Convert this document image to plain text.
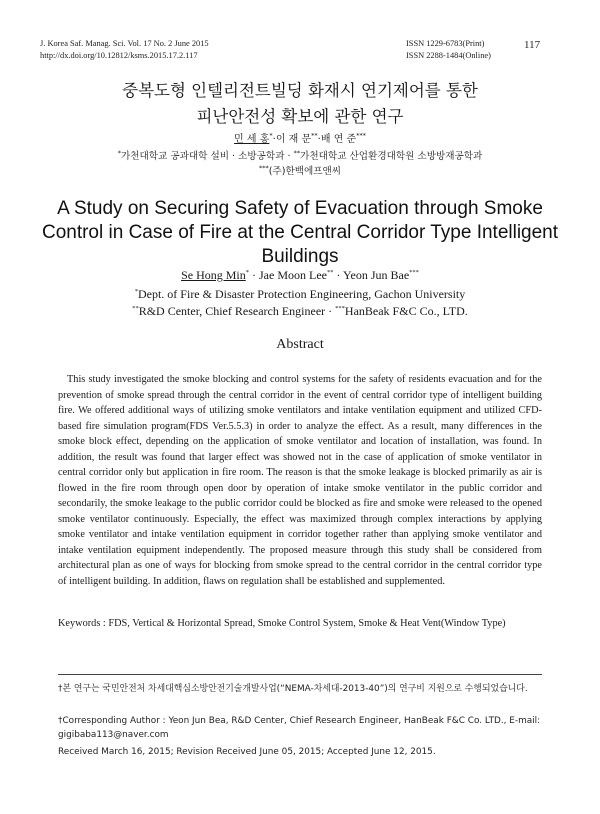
J. Korea Saf. Manag. Sci. Vol. 17 No. 2 June 2015
http://dx.doi.org/10.12812/ksms.2015.17.2.117
ISSN 1229-6783(Print)
ISSN 2288-1484(Online)
117
중복도형 인텔리전트빌딩 화재시 연기제어를 통한
피난안전성 확보에 관한 연구
민 세 홍*·이 재 문**·배 연 준***
*가천대학교 공과대학 설비 · 소방공학과 · **가천대학교 산업환경대학원 소방방재공학과
***(주)한백에프앤씨
A Study on Securing Safety of Evacuation through Smoke
Control in Case of Fire at the Central Corridor Type Intelligent
Buildings
Se Hong Min* · Jae Moon Lee** · Yeon Jun Bae***
*Dept. of Fire & Disaster Protection Engineering, Gachon University
**R&D Center, Chief Research Engineer · ***HanBeak F&C Co., LTD.
Abstract

This study investigated the smoke blocking and control systems for the safety of residents evacuation and for the prevention of smoke spread through the central corridor in the event of central corridor type of intelligent building fire. We offered additional ways of utilizing smoke ventilators and intake ventilation equipment and utilized CFD-based fire simulation program(FDS Ver.5.5.3) in order to analyze the effect. As a result, many differences in the smoke block effect, depending on the application of smoke ventilator and location of installation, was found. In addition, the result was found that larger effect was showed not in the case of application of smoke ventilator in central corridor only but application in fire room. The reason is that the smoke leakage is blocked primarily as air is flowed in the fire room through open door by operation of intake smoke ventilator in the public corridor and secondarily, the smoke leakage to the public corridor could be blocked as fire and smoke were released to the opened smoke ventilator continuously. Especially, the effect was maximized through complex interactions by applying smoke ventilator and intake ventilation equipment in corridor together rather than applying smoke ventilator and intake ventilation equipment independently. The proposed measure through this study shall be considered from architectural plan as one of ways for blocking from smoke spread to the central corridor in the central corridor type of intelligent building. In addition, flaws on regulation shall be established and supplemented.

Keywords : FDS, Vertical & Horizontal Spread, Smoke Control System, Smoke & Heat Vent(Window Type)

†본 연구는 국민안전처 차세대핵심소방안전기술개발사업(“NEMA-차세대-2013-40”)의 연구비 지원으로 수행되었습니다.

†Corresponding Author : Yeon Jun Bea, R&D Center, Chief Research Engineer, HanBeak F&C Co. LTD., E-mail: gigibaba113@naver.com

Received March 16, 2015; Revision Received June 05, 2015; Accepted June 12, 2015.
